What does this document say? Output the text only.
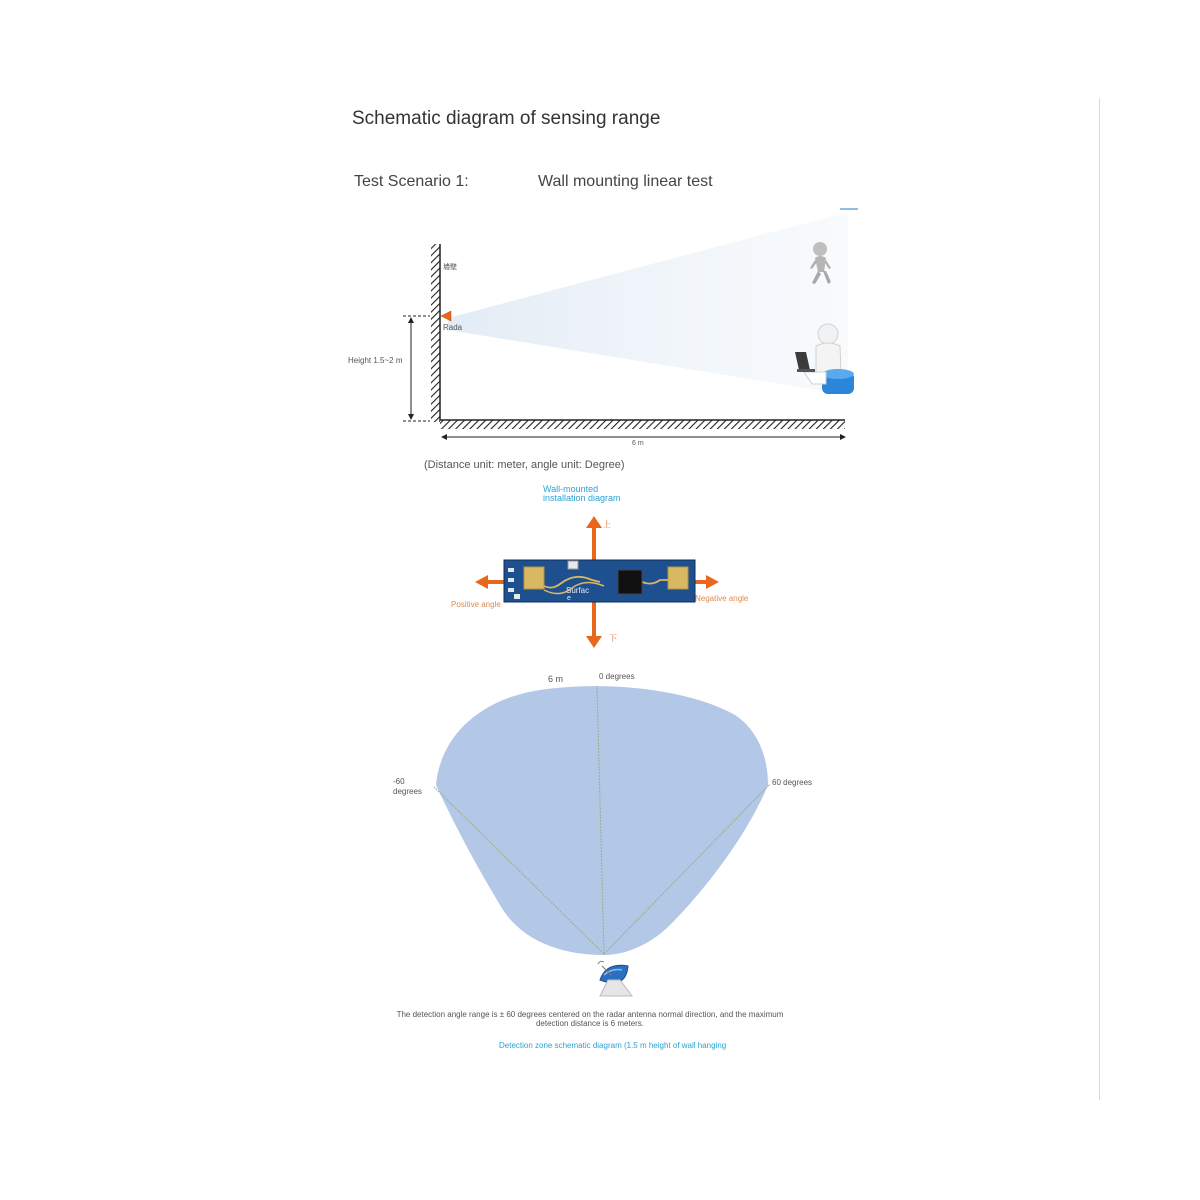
Schematic diagram of sensing range
Test Scenario 1:	Wall mounting linear test
墙壁
Rada
Height 1.5~2 m
6 m
Surfac
e
上
下
Positive angle
Negative angle
6 m	0 degrees
-60
degrees
60 degrees
(Distance unit: meter, angle unit: Degree)
Wall-mounted
installation diagram
The detection angle range is ± 60 degrees centered on the radar antenna normal direction, and the maximum detection distance is 6 meters.
Detection zone schematic diagram (1.5 m height of wall hanging
